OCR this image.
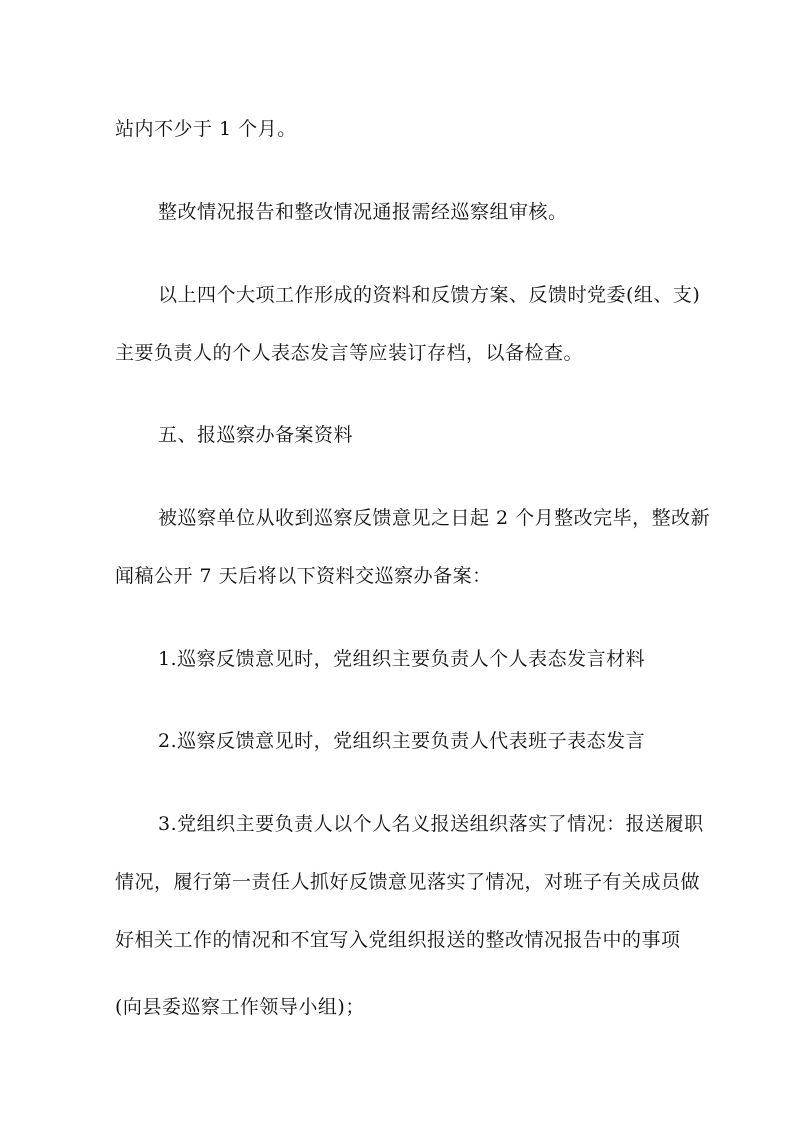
站内不少于 1 个月。
整改情况报告和整改情况通报需经巡察组审核。
以上四个大项工作形成的资料和反馈方案、反馈时党委(组、支)
主要负责人的个人表态发言等应装订存档，以备检查。
五、报巡察办备案资料
被巡察单位从收到巡察反馈意见之日起 2 个月整改完毕，整改新
闻稿公开 7 天后将以下资料交巡察办备案：
1.巡察反馈意见时，党组织主要负责人个人表态发言材料
2.巡察反馈意见时，党组织主要负责人代表班子表态发言
3.党组织主要负责人以个人名义报送组织落实了情况：报送履职
情况，履行第一责任人抓好反馈意见落实了情况，对班子有关成员做
好相关工作的情况和不宜写入党组织报送的整改情况报告中的事项
(向县委巡察工作领导小组)；
